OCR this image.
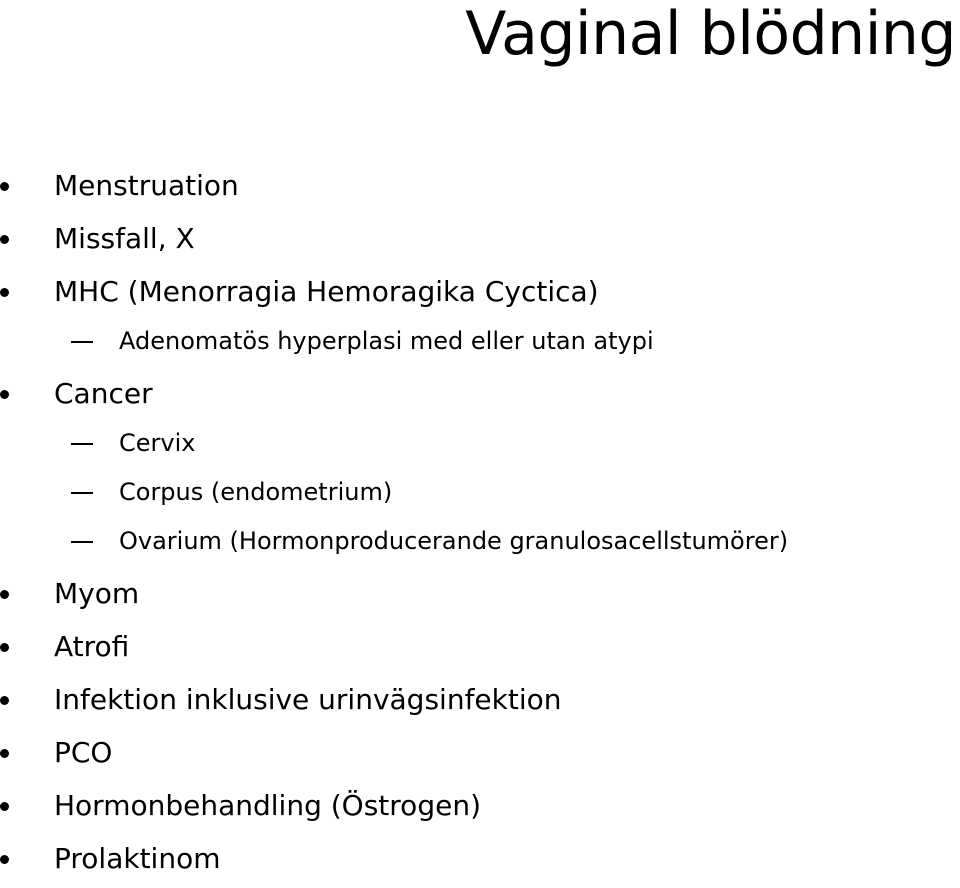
Vaginal blödning
Menstruation
Missfall, X
MHC (Menorragia Hemoragika Cyctica)
Adenomatös hyperplasi med eller utan atypi
Cancer
Cervix
Corpus (endometrium)
Ovarium (Hormonproducerande granulosacellstumörer)
Myom
Atrofi
Infektion inklusive urinvägsinfektion
PCO
Hormonbehandling (Östrogen)
Prolaktinom
